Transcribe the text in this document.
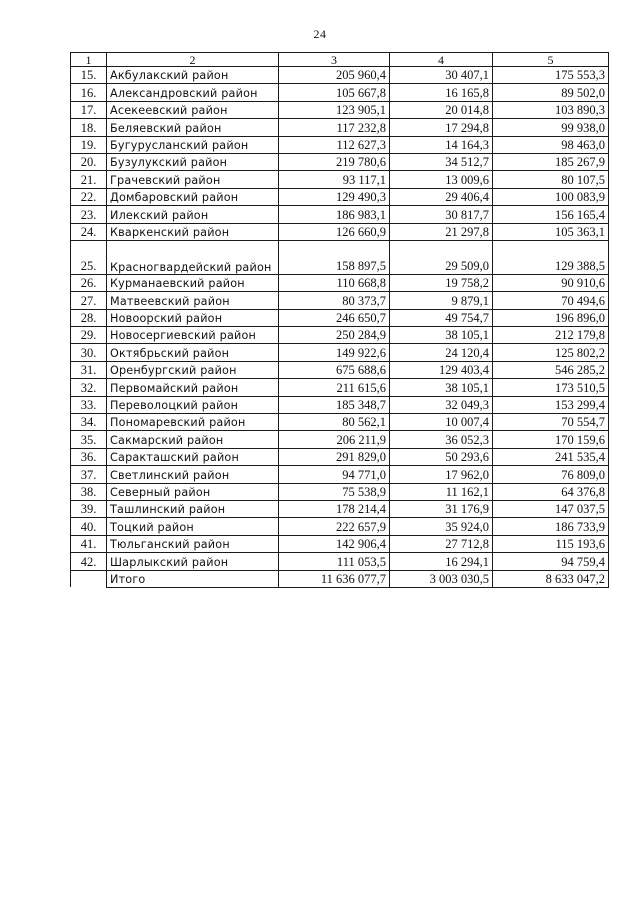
24
1	2	3	4	5
15.	Акбулакский район	205 960,4	30 407,1	175 553,3
16.	Александровский район	105 667,8	16 165,8	89 502,0
17.	Асекеевский район	123 905,1	20 014,8	103 890,3
18.	Беляевский район	117 232,8	17 294,8	99 938,0
19.	Бугурусланский район	112 627,3	14 164,3	98 463,0
20.	Бузулукский район	219 780,6	34 512,7	185 267,9
21.	Грачевский район	93 117,1	13 009,6	80 107,5
22.	Домбаровский район	129 490,3	29 406,4	100 083,9
23.	Илекский район	186 983,1	30 817,7	156 165,4
24.	Кваркенский район	126 660,9	21 297,8	105 363,1
25.	Красногвардейский район	158 897,5	29 509,0	129 388,5
26.	Курманаевский район	110 668,8	19 758,2	90 910,6
27.	Матвеевский район	80 373,7	9 879,1	70 494,6
28.	Новоорский район	246 650,7	49 754,7	196 896,0
29.	Новосергиевский район	250 284,9	38 105,1	212 179,8
30.	Октябрьский район	149 922,6	24 120,4	125 802,2
31.	Оренбургский район	675 688,6	129 403,4	546 285,2
32.	Первомайский район	211 615,6	38 105,1	173 510,5
33.	Переволоцкий район	185 348,7	32 049,3	153 299,4
34.	Пономаревский район	80 562,1	10 007,4	70 554,7
35.	Сакмарский район	206 211,9	36 052,3	170 159,6
36.	Саракташский район	291 829,0	50 293,6	241 535,4
37.	Светлинский район	94 771,0	17 962,0	76 809,0
38.	Северный район	75 538,9	11 162,1	64 376,8
39.	Ташлинский район	178 214,4	31 176,9	147 037,5
40.	Тоцкий район	222 657,9	35 924,0	186 733,9
41.	Тюльганский район	142 906,4	27 712,8	115 193,6
42.	Шарлыкский район	111 053,5	16 294,1	94 759,4
	Итого	11 636 077,7	3 003 030,5	8 633 047,2
